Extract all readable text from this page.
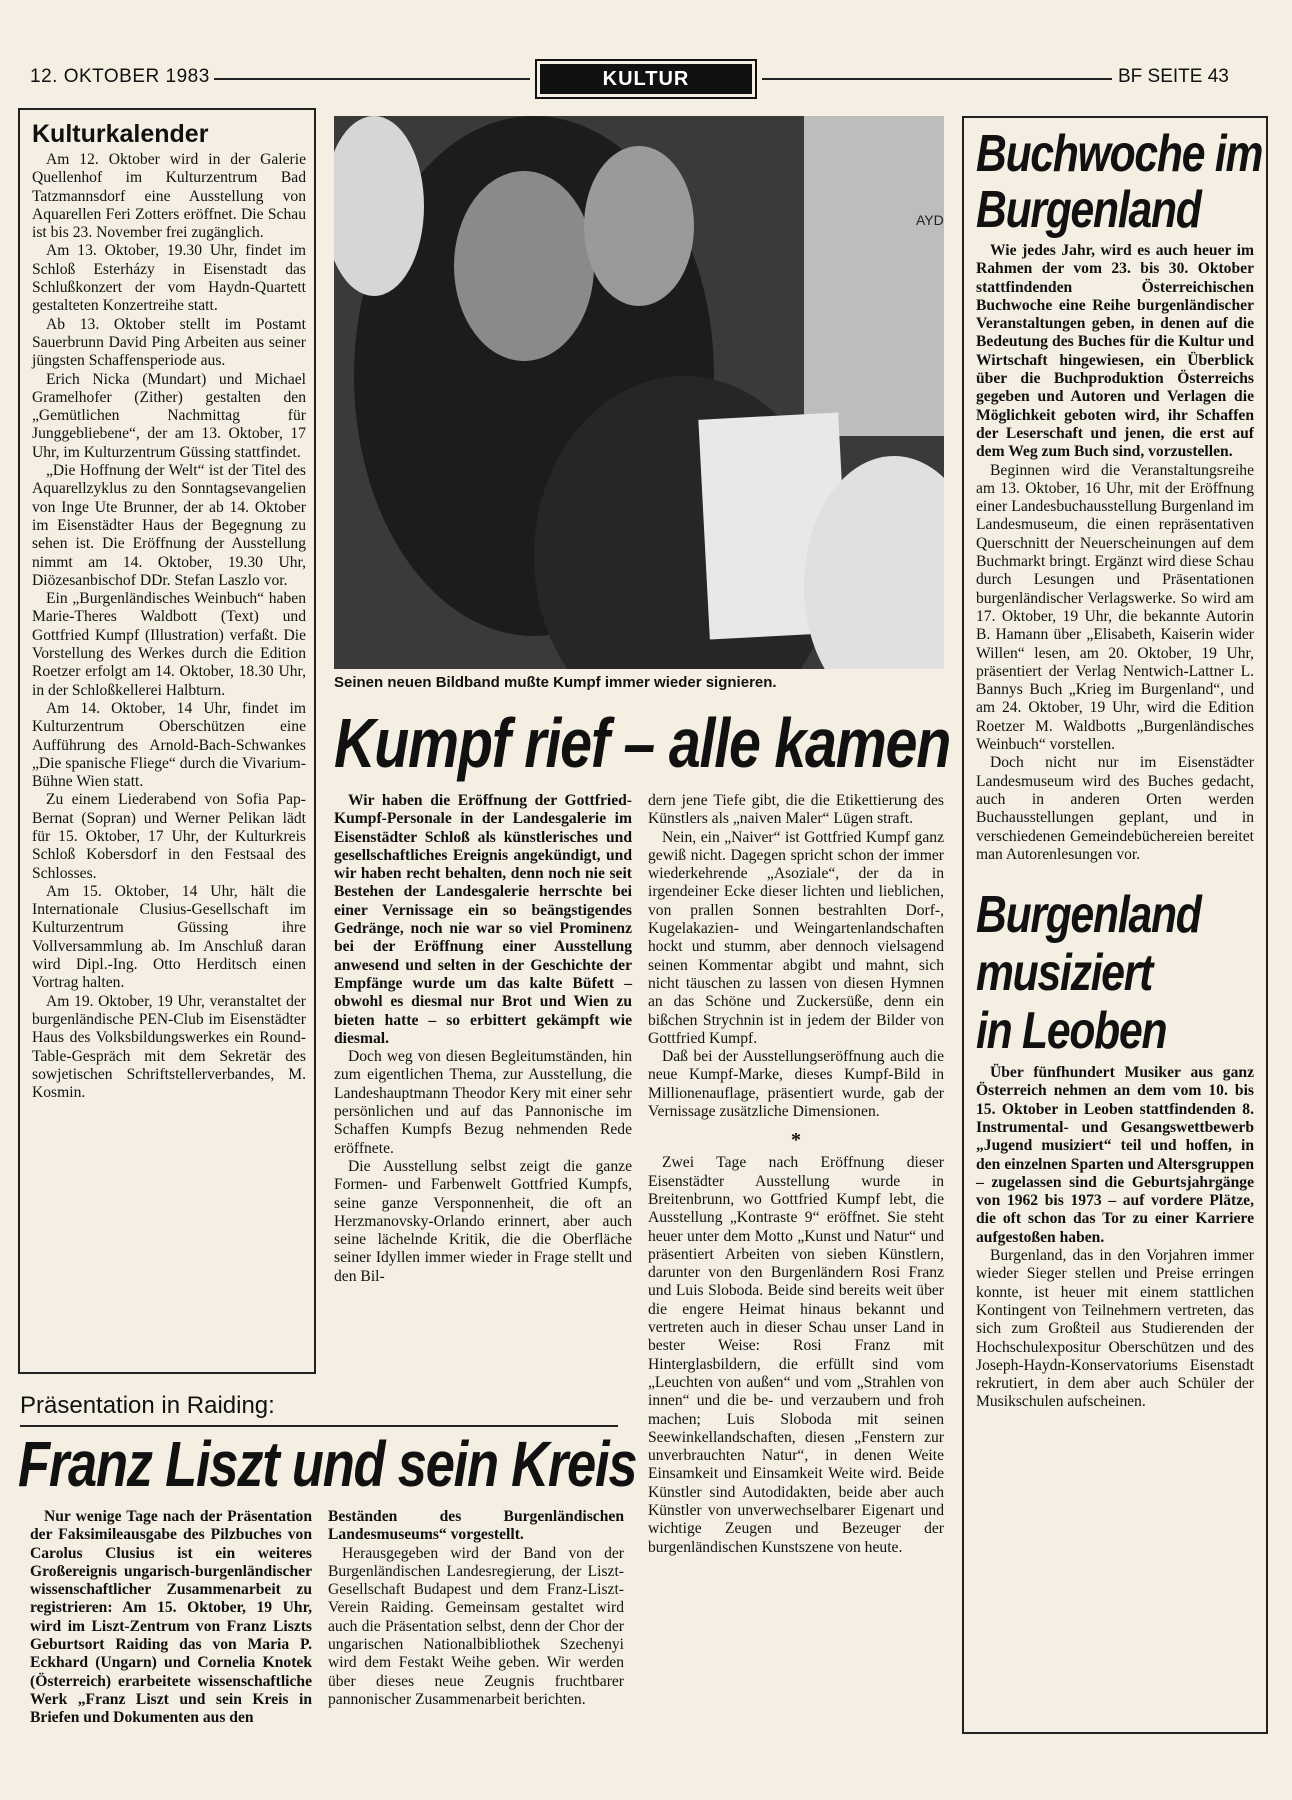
12. OKTOBER 1983	KULTUR	BF SEITE 43
Kulturkalender

Am 12. Oktober wird in der Galerie Quellenhof im Kulturzentrum Bad Tatzmannsdorf eine Ausstellung von Aquarellen Feri Zotters eröffnet. Die Schau ist bis 23. November frei zugänglich.

Am 13. Oktober, 19.30 Uhr, findet im Schloß Esterházy in Eisenstadt das Schlußkonzert der vom Haydn-Quartett gestalteten Konzertreihe statt.

Ab 13. Oktober stellt im Postamt Sauerbrunn David Ping Arbeiten aus seiner jüngsten Schaffensperiode aus.

Erich Nicka (Mundart) und Michael Gramelhofer (Zither) gestalten den „Gemütlichen Nachmittag für Junggebliebene“, der am 13. Oktober, 17 Uhr, im Kulturzentrum Güssing stattfindet.

„Die Hoffnung der Welt“ ist der Titel des Aquarellzyklus zu den Sonntagsevangelien von Inge Ute Brunner, der ab 14. Oktober im Eisenstädter Haus der Begegnung zu sehen ist. Die Eröffnung der Ausstellung nimmt am 14. Oktober, 19.30 Uhr, Diözesanbischof DDr. Stefan Laszlo vor.

Ein „Burgenländisches Weinbuch“ haben Marie-Theres Waldbott (Text) und Gottfried Kumpf (Illustration) verfaßt. Die Vorstellung des Werkes durch die Edition Roetzer erfolgt am 14. Oktober, 18.30 Uhr, in der Schloßkellerei Halbturn.

Am 14. Oktober, 14 Uhr, findet im Kulturzentrum Oberschützen eine Aufführung des Arnold-Bach-Schwankes „Die spanische Fliege“ durch die Vivarium-Bühne Wien statt.

Zu einem Liederabend von Sofia Pap-Bernat (Sopran) und Werner Pelikan lädt für 15. Oktober, 17 Uhr, der Kulturkreis Schloß Kobersdorf in den Festsaal des Schlosses.

Am 15. Oktober, 14 Uhr, hält die Internationale Clusius-Gesellschaft im Kulturzentrum Güssing ihre Vollversammlung ab. Im Anschluß daran wird Dipl.-Ing. Otto Herditsch einen Vortrag halten.

Am 19. Oktober, 19 Uhr, veranstaltet der burgenländische PEN-Club im Eisenstädter Haus des Volksbildungswerkes ein Round-Table-Gespräch mit dem Sekretär des sowjetischen Schriftstellerverbandes, M. Kosmin.

AYD
Seinen neuen Bildband mußte Kumpf immer wieder signieren.
Kumpf rief – alle kamen

Wir haben die Eröffnung der Gottfried-Kumpf-Personale in der Landesgalerie im Eisenstädter Schloß als künstlerisches und gesellschaftliches Ereignis angekündigt, und wir haben recht behalten, denn noch nie seit Bestehen der Landesgalerie herrschte bei einer Vernissage ein so beängstigendes Gedränge, noch nie war so viel Prominenz bei der Eröffnung einer Ausstellung anwesend und selten in der Geschichte der Empfänge wurde um das kalte Büfett – obwohl es diesmal nur Brot und Wien zu bieten hatte – so erbittert gekämpft wie diesmal.

Doch weg von diesen Begleitumständen, hin zum eigentlichen Thema, zur Ausstellung, die Landeshauptmann Theodor Kery mit einer sehr persönlichen und auf das Pannonische im Schaffen Kumpfs Bezug nehmenden Rede eröffnete.

Die Ausstellung selbst zeigt die ganze Formen- und Farbenwelt Gottfried Kumpfs, seine ganze Versponnenheit, die oft an Herzmanovsky-Orlando erinnert, aber auch seine lächelnde Kritik, die die Oberfläche seiner Idyllen immer wieder in Frage stellt und den Bil-

dern jene Tiefe gibt, die die Etikettierung des Künstlers als „naiven Maler“ Lügen straft.

Nein, ein „Naiver“ ist Gottfried Kumpf ganz gewiß nicht. Dagegen spricht schon der immer wiederkehrende „Asoziale“, der da in irgendeiner Ecke dieser lichten und lieblichen, von prallen Sonnen bestrahlten Dorf-, Kugelakazien- und Weingartenlandschaften hockt und stumm, aber dennoch vielsagend seinen Kommentar abgibt und mahnt, sich nicht täuschen zu lassen von diesen Hymnen an das Schöne und Zuckersüße, denn ein bißchen Strychnin ist in jedem der Bilder von Gottfried Kumpf.

Daß bei der Ausstellungseröffnung auch die neue Kumpf-Marke, dieses Kumpf-Bild in Millionenauflage, präsentiert wurde, gab der Vernissage zusätzliche Dimensionen.

*

Zwei Tage nach Eröffnung dieser Eisenstädter Ausstellung wurde in Breitenbrunn, wo Gottfried Kumpf lebt, die Ausstellung „Kontraste 9“ eröffnet. Sie steht heuer unter dem Motto „Kunst und Natur“ und präsentiert Arbeiten von sieben Künstlern, darunter von den Burgenländern Rosi Franz und Luis Sloboda. Beide sind bereits weit über die engere Heimat hinaus bekannt und vertreten auch in dieser Schau unser Land in bester Weise: Rosi Franz mit Hinterglasbildern, die erfüllt sind vom „Leuchten von außen“ und vom „Strahlen von innen“ und die be- und verzaubern und froh machen; Luis Sloboda mit seinen Seewinkellandschaften, diesen „Fenstern zur unverbrauchten Natur“, in denen Weite Einsamkeit und Einsamkeit Weite wird. Beide Künstler sind Autodidakten, beide aber auch Künstler von unverwechselbarer Eigenart und wichtige Zeugen und Bezeuger der burgenländischen Kunstszene von heute.

Präsentation in Raiding:
Franz Liszt und sein Kreis

Nur wenige Tage nach der Präsentation der Faksimileausgabe des Pilzbuches von Carolus Clusius ist ein weiteres Großereignis ungarisch-burgenländischer wissenschaftlicher Zusammenarbeit zu registrieren: Am 15. Oktober, 19 Uhr, wird im Liszt-Zentrum von Franz Liszts Geburtsort Raiding das von Maria P. Eckhard (Ungarn) und Cornelia Knotek (Österreich) erarbeitete wissenschaftliche Werk „Franz Liszt und sein Kreis in Briefen und Dokumenten aus den

Beständen des Burgenländischen Landesmuseums“ vorgestellt.

Herausgegeben wird der Band von der Burgenländischen Landesregierung, der Liszt-Gesellschaft Budapest und dem Franz-Liszt-Verein Raiding. Gemeinsam gestaltet wird auch die Präsentation selbst, denn der Chor der ungarischen Nationalbibliothek Szechenyi wird dem Festakt Weihe geben. Wir werden über dieses neue Zeugnis fruchtbarer pannonischer Zusammenarbeit berichten.

Buchwoche im
Burgenland

Wie jedes Jahr, wird es auch heuer im Rahmen der vom 23. bis 30. Oktober stattfindenden Österreichischen Buchwoche eine Reihe burgenländischer Veranstaltungen geben, in denen auf die Bedeutung des Buches für die Kultur und Wirtschaft hingewiesen, ein Überblick über die Buchproduktion Österreichs gegeben und Autoren und Verlagen die Möglichkeit geboten wird, ihr Schaffen der Leserschaft und jenen, die erst auf dem Weg zum Buch sind, vorzustellen.

Beginnen wird die Veranstaltungsreihe am 13. Oktober, 16 Uhr, mit der Eröffnung einer Landesbuchausstellung Burgenland im Landesmuseum, die einen repräsentativen Querschnitt der Neuerscheinungen auf dem Buchmarkt bringt. Ergänzt wird diese Schau durch Lesungen und Präsentationen burgenländischer Verlagswerke. So wird am 17. Oktober, 19 Uhr, die bekannte Autorin B. Hamann über „Elisabeth, Kaiserin wider Willen“ lesen, am 20. Oktober, 19 Uhr, präsentiert der Verlag Nentwich-Lattner L. Bannys Buch „Krieg im Burgenland“, und am 24. Oktober, 19 Uhr, wird die Edition Roetzer M. Waldbotts „Burgenländisches Weinbuch“ vorstellen.

Doch nicht nur im Eisenstädter Landesmuseum wird des Buches gedacht, auch in anderen Orten werden Buchausstellungen geplant, und in verschiedenen Gemeindebüchereien bereitet man Autorenlesungen vor.

Burgenland
musiziert
in Leoben

Über fünfhundert Musiker aus ganz Österreich nehmen an dem vom 10. bis 15. Oktober in Leoben stattfindenden 8. Instrumental- und Gesangswettbewerb „Jugend musiziert“ teil und hoffen, in den einzelnen Sparten und Altersgruppen – zugelassen sind die Geburtsjahrgänge von 1962 bis 1973 – auf vordere Plätze, die oft schon das Tor zu einer Karriere aufgestoßen haben.

Burgenland, das in den Vorjahren immer wieder Sieger stellen und Preise erringen konnte, ist heuer mit einem stattlichen Kontingent von Teilnehmern vertreten, das sich zum Großteil aus Studierenden der Hochschulexpositur Oberschützen und des Joseph-Haydn-Konservatoriums Eisenstadt rekrutiert, in dem aber auch Schüler der Musikschulen aufscheinen.
